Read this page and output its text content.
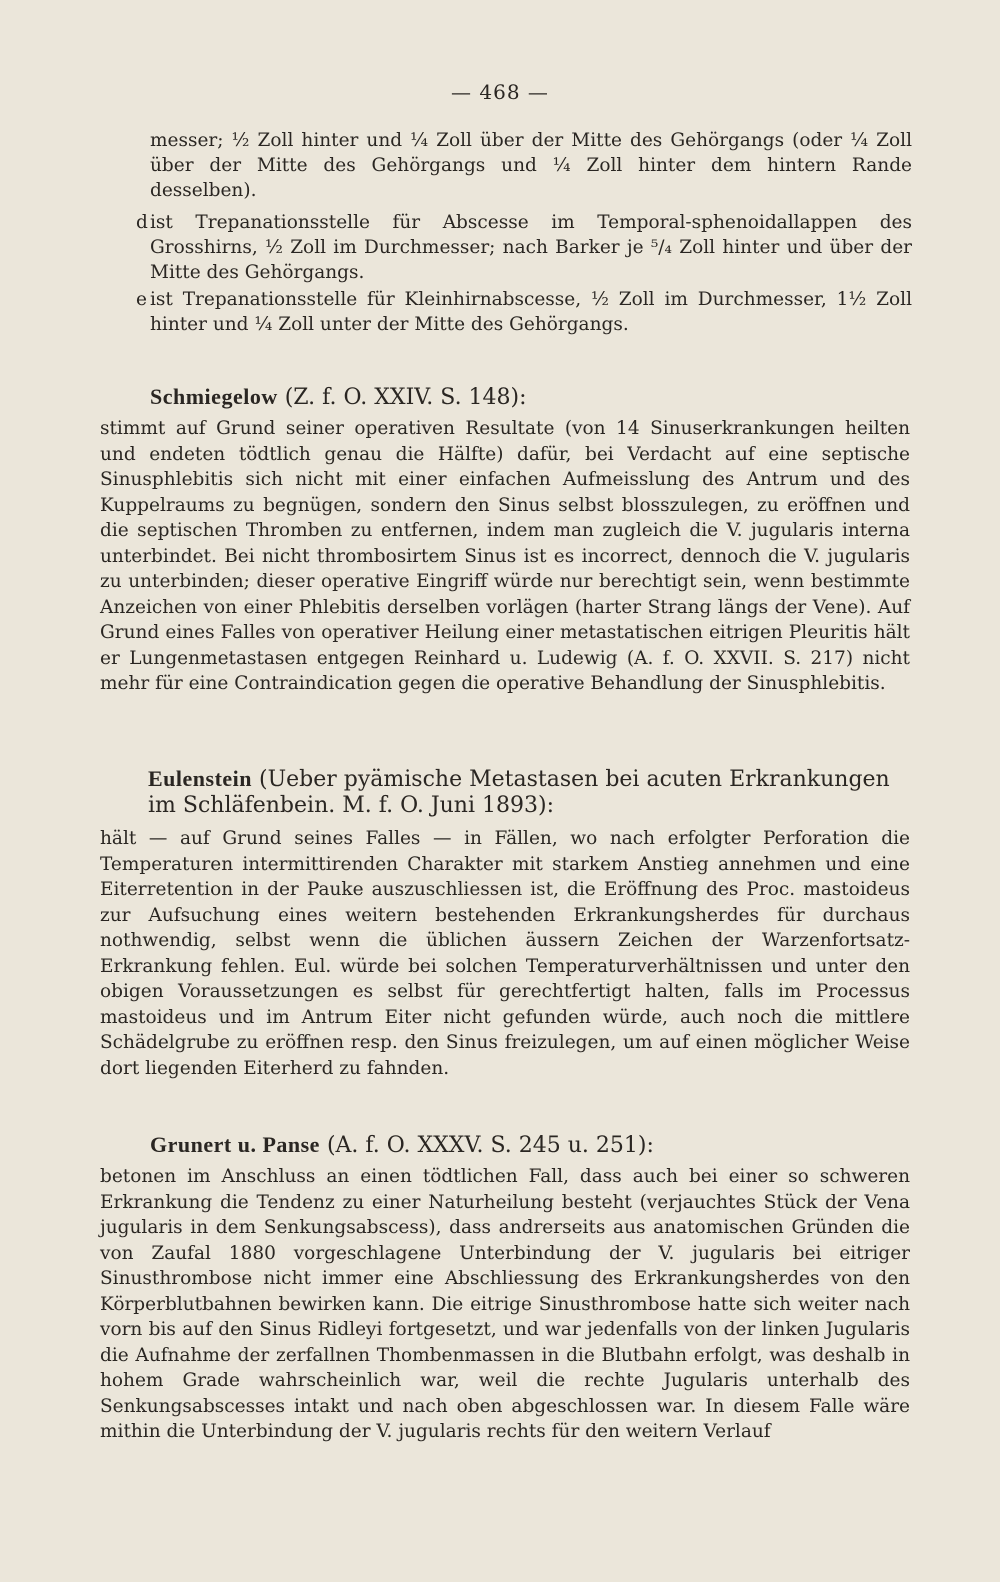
— 468 —
messer; ½ Zoll hinter und ¼ Zoll über der Mitte des Gehörgangs (oder ¼ Zoll über der Mitte des Gehörgangs und ¼ Zoll hinter dem hintern Rande desselben).
d ist Trepanationsstelle für Abscesse im Temporal-sphenoidallappen des Grosshirns, ½ Zoll im Durchmesser; nach Barker je ⁵/₄ Zoll hinter und über der Mitte des Gehörgangs.
e ist Trepanationsstelle für Kleinhirnabscesse, ½ Zoll im Durchmesser, 1½ Zoll hinter und ¼ Zoll unter der Mitte des Gehörgangs.
Schmiegelow (Z. f. O. XXIV. S. 148):
stimmt auf Grund seiner operativen Resultate (von 14 Sinuserkrankungen heilten und endeten tödtlich genau die Hälfte) dafür, bei Verdacht auf eine septische Sinusphlebitis sich nicht mit einer einfachen Aufmeisslung des Antrum und des Kuppelraums zu begnügen, sondern den Sinus selbst blosszulegen, zu eröffnen und die septischen Thromben zu entfernen, indem man zugleich die V. jugularis interna unterbindet. Bei nicht thrombosirtem Sinus ist es incorrect, dennoch die V. jugularis zu unterbinden; dieser operative Eingriff würde nur berechtigt sein, wenn bestimmte Anzeichen von einer Phlebitis derselben vorlägen (harter Strang längs der Vene). Auf Grund eines Falles von operativer Heilung einer metastatischen eitrigen Pleuritis hält er Lungenmetastasen entgegen Reinhard u. Ludewig (A. f. O. XXVII. S. 217) nicht mehr für eine Contraindication gegen die operative Behandlung der Sinusphlebitis.
Eulenstein (Ueber pyämische Metastasen bei acuten Erkrankungen im Schläfenbein. M. f. O. Juni 1893):
hält — auf Grund seines Falles — in Fällen, wo nach erfolgter Perforation die Temperaturen intermittirenden Charakter mit starkem Anstieg annehmen und eine Eiterretention in der Pauke auszuschliessen ist, die Eröffnung des Proc. mastoideus zur Aufsuchung eines weitern bestehenden Erkrankungsherdes für durchaus nothwendig, selbst wenn die üblichen äussern Zeichen der Warzenfortsatz-Erkrankung fehlen. Eul. würde bei solchen Temperaturverhältnissen und unter den obigen Voraussetzungen es selbst für gerechtfertigt halten, falls im Processus mastoideus und im Antrum Eiter nicht gefunden würde, auch noch die mittlere Schädelgrube zu eröffnen resp. den Sinus freizulegen, um auf einen möglicher Weise dort liegenden Eiterherd zu fahnden.
Grunert u. Panse (A. f. O. XXXV. S. 245 u. 251):
betonen im Anschluss an einen tödtlichen Fall, dass auch bei einer so schweren Erkrankung die Tendenz zu einer Naturheilung besteht (verjauchtes Stück der Vena jugularis in dem Senkungsabscess), dass andrerseits aus anatomischen Gründen die von Zaufal 1880 vorgeschlagene Unterbindung der V. jugularis bei eitriger Sinusthrombose nicht immer eine Abschliessung des Erkrankungsherdes von den Körperblutbahnen bewirken kann. Die eitrige Sinusthrombose hatte sich weiter nach vorn bis auf den Sinus Ridleyi fortgesetzt, und war jedenfalls von der linken Jugularis die Aufnahme der zerfallnen Thombenmassen in die Blutbahn erfolgt, was deshalb in hohem Grade wahrscheinlich war, weil die rechte Jugularis unterhalb des Senkungsabscesses intakt und nach oben abgeschlossen war. In diesem Falle wäre mithin die Unterbindung der V. jugularis rechts für den weitern Verlauf
